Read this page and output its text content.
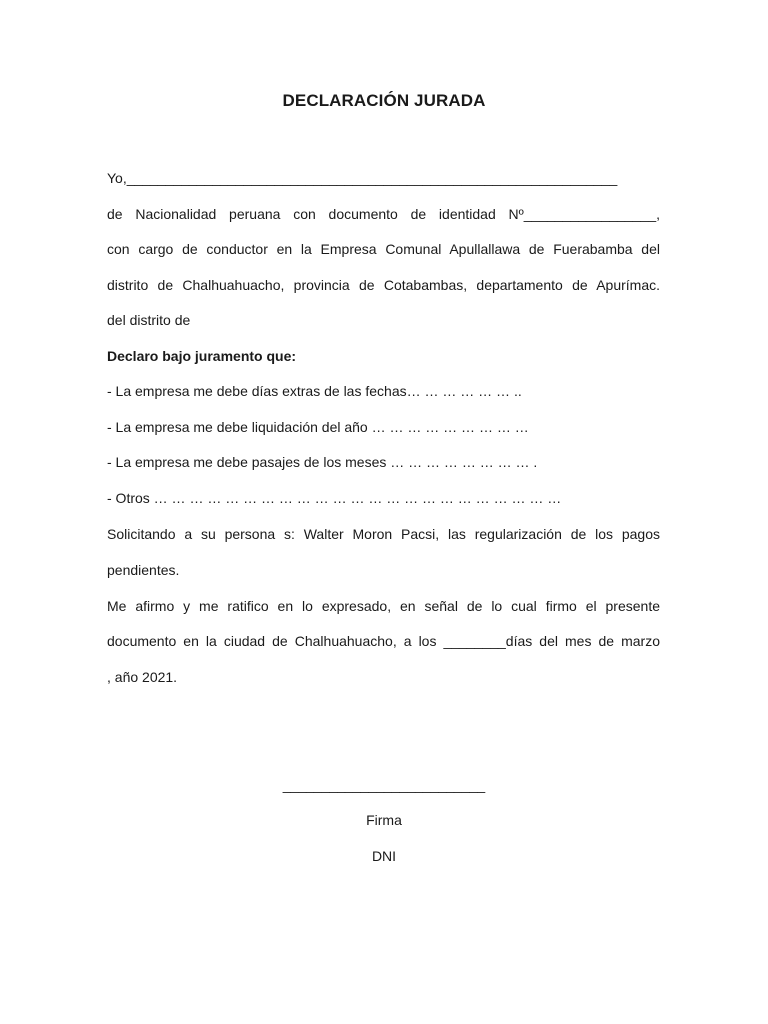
DECLARACIÓN JURADA
Yo,_______________________________________________________________
de Nacionalidad peruana con documento de identidad Nº_________________,
con cargo de conductor en la Empresa Comunal Apullallawa de Fuerabamba del
distrito de Chalhuahuacho, provincia de Cotabambas, departamento de Apurímac.
del distrito de
Declaro bajo juramento que:
- La empresa me debe días extras de las fechas… … … … … … ..
- La empresa me debe liquidación del año … … … … … … … … …
- La empresa me debe pasajes de los meses … … … … … … … … .
- Otros … … … … … … … … … … … … … … … … … … … … … … …
Solicitando a su persona s: Walter Moron Pacsi, las regularización de los pagos
pendientes.
Me afirmo y me ratifico en lo expresado, en señal de lo cual firmo el presente
documento en la ciudad de Chalhuahuacho, a los ________días del mes de marzo
, año 2021.
__________________________
Firma
DNI
